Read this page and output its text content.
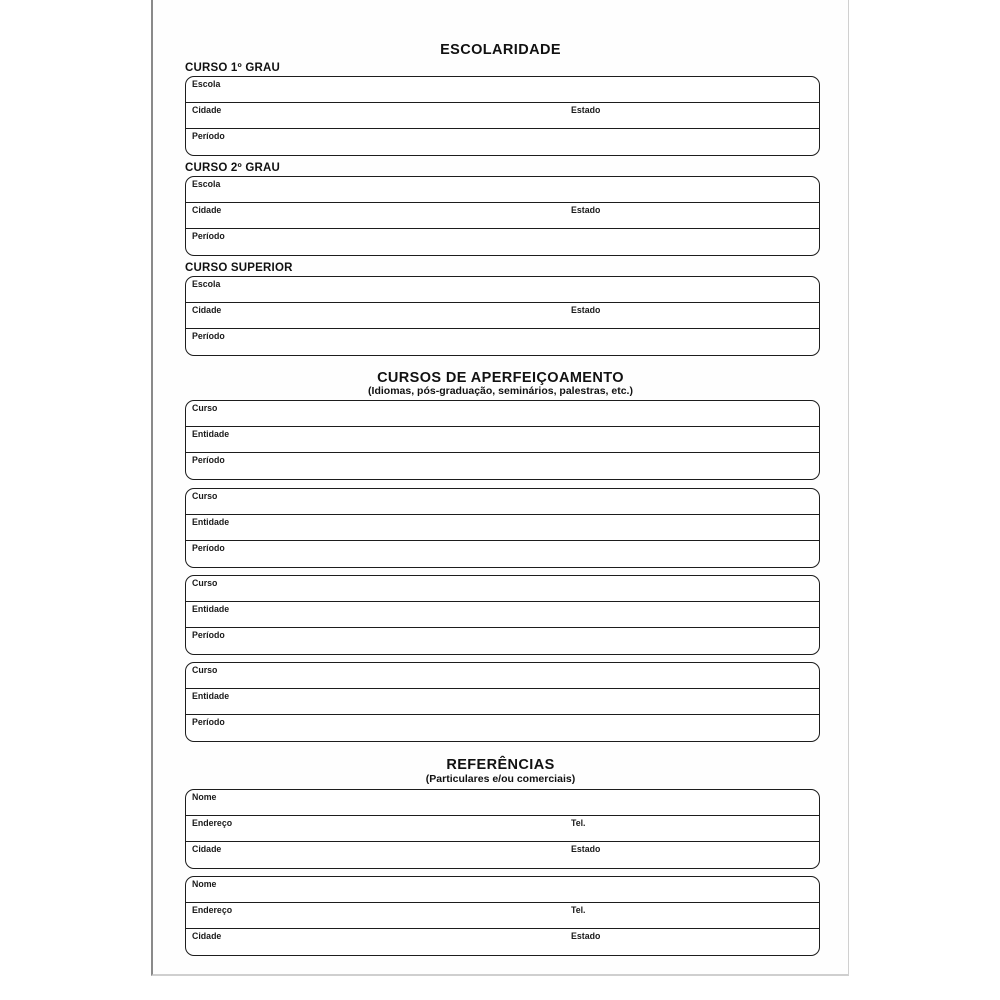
ESCOLARIDADE
CURSO 1º GRAU
Escola
Cidade	Estado
Período
CURSO 2º GRAU
Escola
Cidade	Estado
Período
CURSO SUPERIOR
Escola
Cidade	Estado
Período
CURSOS DE APERFEIÇOAMENTO
(Idiomas, pós-graduação, seminários, palestras, etc.)
Curso
Entidade
Período
Curso
Entidade
Período
Curso
Entidade
Período
Curso
Entidade
Período
REFERÊNCIAS
(Particulares e/ou comerciais)
Nome
Endereço	Tel.
Cidade	Estado
Nome
Endereço	Tel.
Cidade	Estado
